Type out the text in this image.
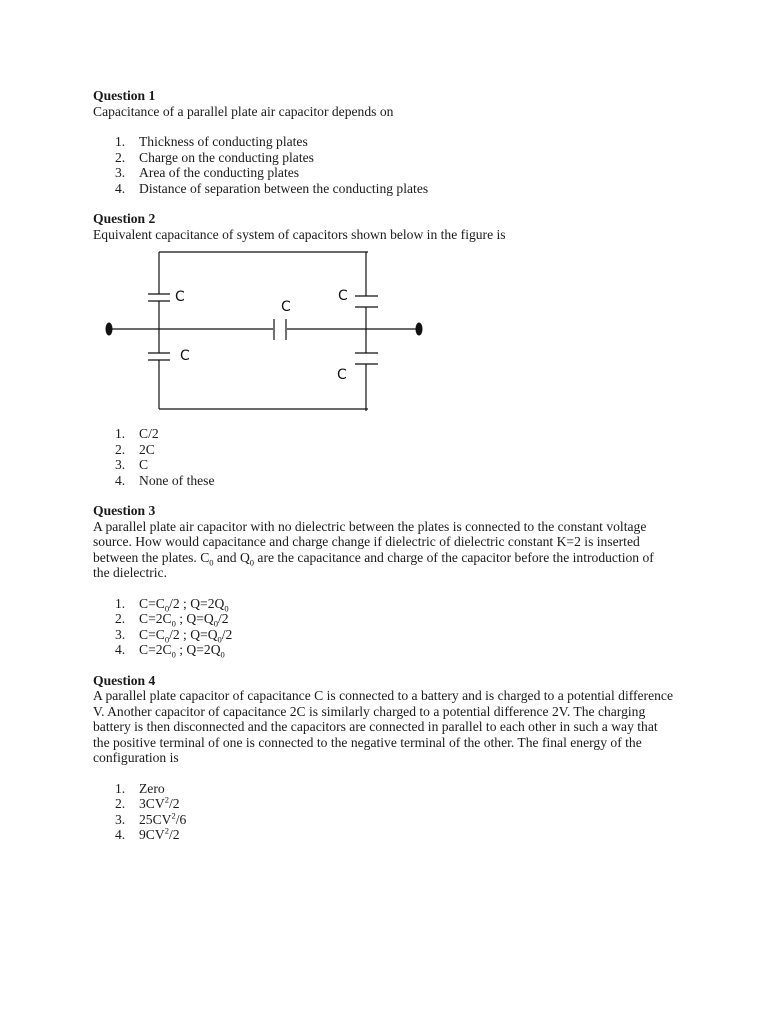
Question 1

Capacitance of a parallel plate air capacitor depends on

1. Thickness of conducting plates
2. Charge on the conducting plates
3. Area of the conducting plates
4. Distance of separation between the conducting plates

Question 2

Equivalent capacitance of system of capacitors shown below in the figure is

C
C
C
C
C
1. C/2
2. 2C
3. C
4. None of these

Question 3

A parallel plate air capacitor with no dielectric between the plates is connected to the constant voltage source. How would capacitance and charge change if dielectric of dielectric constant K=2 is inserted between the plates. $C_0$ and $Q_0$ are the capacitance and charge of the capacitor before the introduction of the dielectric.

1. $C=C_0/2$ ; $Q=2Q_0$
2. $C=2C_0$ ; $Q=Q_0/2$
3. $C=C_0/2$ ; $Q=Q_0/2$
4. $C=2C_0$ ; $Q=2Q_0$

Question 4

A parallel plate capacitor of capacitance C is connected to a battery and is charged to a potential difference V. Another capacitor of capacitance 2C is similarly charged to a potential difference 2V. The charging battery is then disconnected and the capacitors are connected in parallel to each other in such a way that the positive terminal of one is connected to the negative terminal of the other. The final energy of the configuration is

1. Zero
2. $3CV^2/2$
3. $25CV^2/6$
4. $9CV^2/2$
